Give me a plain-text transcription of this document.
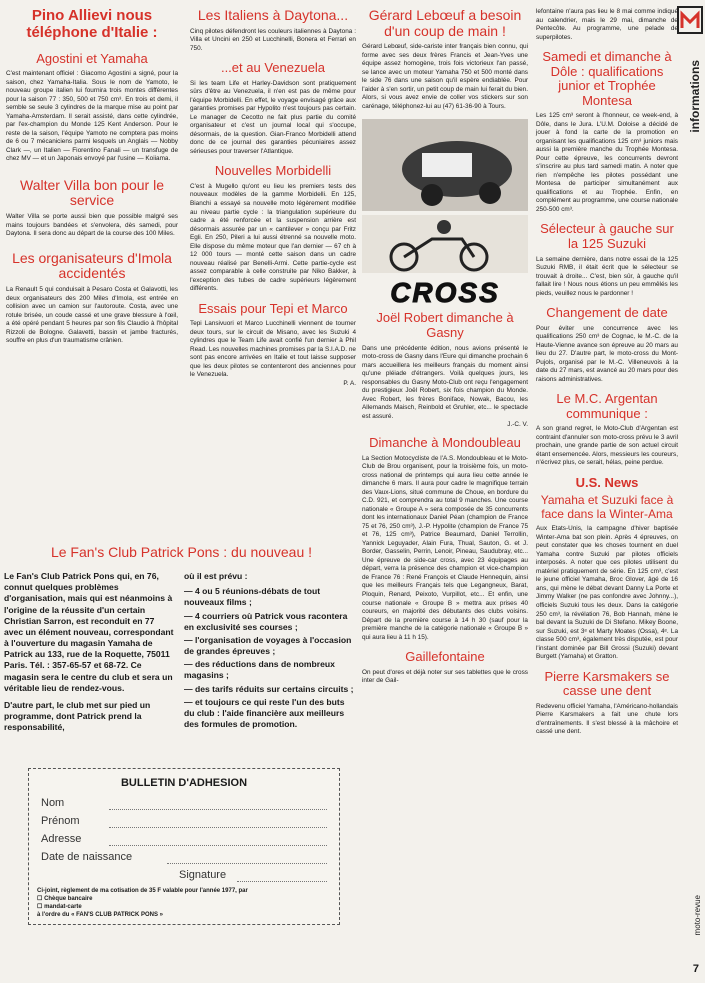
informations
moto-revue
7
Pino Allievi nous téléphone d'Italie :
Agostini et Yamaha

C'est maintenant officiel : Giacomo Agostini a signé, pour la saison, chez Yamaha-Italia. Sous le nom de Yamoto, le nouveau groupe italien lui fournira trois montes différentes pour la saison 77 : 350, 500 et 750 cm³. En trois et demi, il semble se seule 3 cylindres de la marque mise au point par Yamaha-Amsterdam. Il serait assisté, dans cette cylindrée, par l'ex-champion du Monde 125 Kent Anderson. Pour le reste de la saison, l'équipe Yamoto ne comptera pas moins de 6 ou 7 mécaniciens parmi lesquels un Anglais — Nobby Clark —, un Italien — Fiorentino Fanali — un transfuge de chez MV — et un Japonais envoyé par l'usine — Koiiama.

Walter Villa bon pour le service

Walter Villa se porte aussi bien que possible malgré ses mains toujours bandées et s'envolera, dès samedi, pour Daytona. Il sera donc au départ de la course des 100 Miles.

Les organisateurs d'Imola accidentés

La Renault 5 qui conduisait à Pesaro Costa et Galavotti, les deux organisateurs des 200 Miles d'Imola, est entrée en collision avec un camion sur l'autoroute. Costa, avec une rotule brisée, un coude cassé et une grave blessure à l'œil, a été opéré pendant 5 heures par son fils Claudio à l'hôpital Rizzoli de Bologne. Galavetti, bassin et jambe fracturés, souffre en plus d'un traumatisme crânien.

Les Italiens à Daytona...

Cinq pilotes défendront les couleurs italiennes à Daytona : Villa et Uncini en 250 et Lucchinelli, Bonera et Ferrari en 750.

...et au Venezuela

Si les team Life et Harley-Davidson sont pratiquement sûrs d'être au Venezuela, il n'en est pas de même pour l'équipe Morbidelli. En effet, le voyage envisagé grâce aux garanties promises par Hypolito n'est toujours pas certain. Le manager de Cecotto ne fait plus partie du comité organisateur et c'est un journal local qui s'occupe, désormais, de la question. Gian-Franco Morbidelli attend donc de ce journal des garanties pécuniaires assez sérieuses pour traverser l'Atlantique.

Nouvelles Morbidelli

C'est à Mugello qu'ont eu lieu les premiers tests des nouveaux modèles de la gamme Morbidelli. En 125, Bianchi a essayé sa nouvelle moto légèrement modifiée au niveau partie cycle : la triangulation supérieure du cadre a été renforcée et la suspension arrière est désormais assurée par un « cantilever » conçu par Fritz Egli. En 250, Pileri a lui aussi étrenné sa nouvelle moto. Elle dispose du même moteur que l'an dernier — 67 ch à 12 000 tours — monté cette saison dans un cadre nouveau réalisé par Benelli-Armi. Cette partie-cycle est assez comparable à celle construite par Niko Bakker, à l'exception des tubes de cadre supérieurs légèrement différents.

Essais pour Tepi et Marco

Tepi Lansivuori et Marco Lucchinelli viennent de tourner deux tours, sur le circuit de Misano, avec les Suzuki 4 cylindres que le Team Life avait confié l'un dernier à Phil Read. Les nouvelles machines promises par la S.I.A.D. ne sont pas encore arrivées en Italie et tout laisse supposer que les deux pilotes se contenteront des anciennes pour le Venezuela.

P. A.
Gérard Lebœuf a besoin d'un coup de main !

Gérard Lebœuf, side-cariste inter français bien connu, qui forme avec ses deux frères Francis et Jean-Yves une équipe assez homogène, trois fois victorieux l'an passé, se lance avec un moteur Yamaha 750 et 500 monté dans le side 76 dans une saison qu'il espère endiablée. Pour l'aider à s'en sortir, un petit coup de main lui ferait du bien. Alors, si vous avez envie de coller vos stickers sur son carénage, téléphonez-lui au (47) 61-36-90 à Tours.

CROSS
Joël Robert dimanche à Gasny

Dans une précédente édition, nous avions présenté le moto-cross de Gasny dans l'Eure qui dimanche prochain 6 mars accueillera les meilleurs français du moment ainsi qu'une pléiade d'étrangers. Voilà quelques jours, les responsables du Gasny Moto-Club ont reçu l'engagement du prestigieux Joël Robert, six fois champion du Monde. Avec Robert, les frères Boniface, Nowak, Bacou, les Allemands Maisch, Reinbold et Gruhler, etc... le spectacle est assuré.

J.-C. V.
Dimanche à Mondoubleau

La Section Motocycliste de l'A.S. Mondoubleau et le Moto-Club de Brou organisent, pour la troisième fois, un moto-cross national de printemps qui aura lieu cette année le dimanche 6 mars. Il aura pour cadre le magnifique terrain des Vaux-Lions, situé commune de Choue, en bordure du C.D. 921, et comprendra au total 9 manches. Une course nationale « Groupe A » sera composée de 35 concurrents dont les internationaux Daniel Péan (champion de France 75 et 76, 250 cm³), J.-P. Hypolite (champion de France 75 et 76, 125 cm³), Patrice Beaumard, Daniel Terrollin, Yannick Leguyader, Alain Fura, Thual, Sauton, G. et J. Border, Gasselin, Perrin, Lenoir, Pineau, Saudubray, etc... Une épreuve de side-car cross, avec 23 équipages au départ, verra la présence des champion et vice-champion de France 76 : René François et Claude Hennequin, ainsi que les meilleurs Français tels que Legangneux, Barat, Ploquin, Renard, Peixoto, Vurpillot, etc... Et enfin, une course nationale « Groupe B » mettra aux prises 40 coureurs, en majorité des débutants des clubs voisins. Départ de la première course à 14 h 30 (sauf pour la première manche de la catégorie nationale « Groupe B » qui aura lieu à 11 h 15).

Gaillefontaine

On peut d'ores et déjà noter sur ses tablettes que le cross inter de Gail-

lefontaine n'aura pas lieu le 8 mai comme indiqué au calendrier, mais le 29 mai, dimanche de Pentecôte. Au programme, une pelade de superpilotes.

Samedi et dimanche à Dôle : qualifications junior et Trophée Montesa

Les 125 cm³ seront à l'honneur, ce week-end, à Dôle, dans le Jura. L'U.M. Doloise a décidé de jouer à fond la carte de la promotion en organisant les qualifications 125 cm³ juniors mais aussi la première manche du Trophée Montesa. Pour cette épreuve, les concurrents devront s'inscrire au plus tard samedi matin. A noter que rien n'empêche les pilotes possédant une Montesa de participer simultanément aux qualifications et au Trophée. Enfin, en complément au programme, une course nationale 250-500 cm³.

Sélecteur à gauche sur la 125 Suzuki

La semaine dernière, dans notre essai de la 125 Suzuki RMB, il était écrit que le sélecteur se trouvait à droite... C'est, bien sûr, à gauche qu'il fallait lire ! Nous nous étions un peu emmêlés les pieds, veuillez nous le pardonner !

Changement de date

Pour éviter une concurrence avec les qualifications 250 cm³ de Cognac, le M.-C. de la Haute-Vienne avance son épreuve au 20 mars au lieu du 27. D'autre part, le moto-cross du Mont-Pujols, organisé par le M.-C. Villeneuvois à la date du 27 mars, est avancé au 20 mars pour des raisons administratives.

Le M.C. Argentan communique :

A son grand regret, le Moto-Club d'Argentan est contraint d'annuler son moto-cross prévu le 3 avril prochain, une grande partie de son actuel circuit étant ensemencée. Alors, messieurs les coureurs, n'écrivez plus, ce serait, hélas, peine perdue.

U.S. News
Yamaha et Suzuki face à face dans la Winter-Ama

Aux Etats-Unis, la campagne d'hiver baptisée Winter-Ama bat son plein. Après 4 épreuves, on peut constater que les choses tournent en duel Yamaha contre Suzuki par pilotes officiels interposés. A noter que ces pilotes utilisent du matériel pratiquement de série. En 125 cm³, c'est le jeune officiel Yamaha, Broc Glover, âgé de 16 ans, qui mène le débat devant Danny La Porte et Jimmy Walker (ne pas confondre avec Johnny...), officiels Suzuki tous les deux. Dans la catégorie 250 cm³, la révélation 76, Bob Hannah, mène le bal devant la Suzuki de Di Stefano. Mikey Boone, sur Suzuki, est 3ᵉ et Marty Moates (Ossa), 4ᵉ. La classe 500 cm³, également très disputée, est pour l'instant dominée par Bill Grossi (Suzuki) devant Burgett (Yamaha) et Gratton.

Pierre Karsmakers se casse une dent

Redevenu officiel Yamaha, l'Américano-hollandais Pierre Karsmakers a fait une chute lors d'entraînements. Il s'est blessé à la mâchoire et cassé une dent.

Le Fan's Club Patrick Pons : du nouveau !

Le Fan's Club Patrick Pons qui, en 76, connut quelques problèmes d'organisation, mais qui est néanmoins à l'origine de la réussite d'un certain Christian Sarron, est reconduit en 77 avec un élément nouveau, correspondant à l'ouverture du magasin Yamaha de Patrick au 133, rue de la Roquette, 75011 Paris. Tél. : 357-65-57 et 68-72. Ce magasin sera le centre du club et sera un véritable lieu de rendez-vous.

D'autre part, le club met sur pied un programme, dont Patrick prend la responsabilité,

où il est prévu :

— 4 ou 5 réunions-débats de tout nouveaux films ;

— 4 courriers où Patrick vous racontera en exclusivité ses courses ;

— l'organisation de voyages à l'occasion de grandes épreuves ;

— des réductions dans de nombreux magasins ;

— des tarifs réduits sur certains circuits ;

— et toujours ce qui reste l'un des buts du club : l'aide financière aux meilleurs des formules de promotion.

BULLETIN D'ADHESION
Nom
Prénom
Adresse
Date de naissance
Signature
Ci-joint, règlement de ma cotisation de 35 F valable pour l'année 1977, par
☐ Chèque bancaire
☐ mandat-carte
à l'ordre du « FAN'S CLUB PATRICK PONS »
